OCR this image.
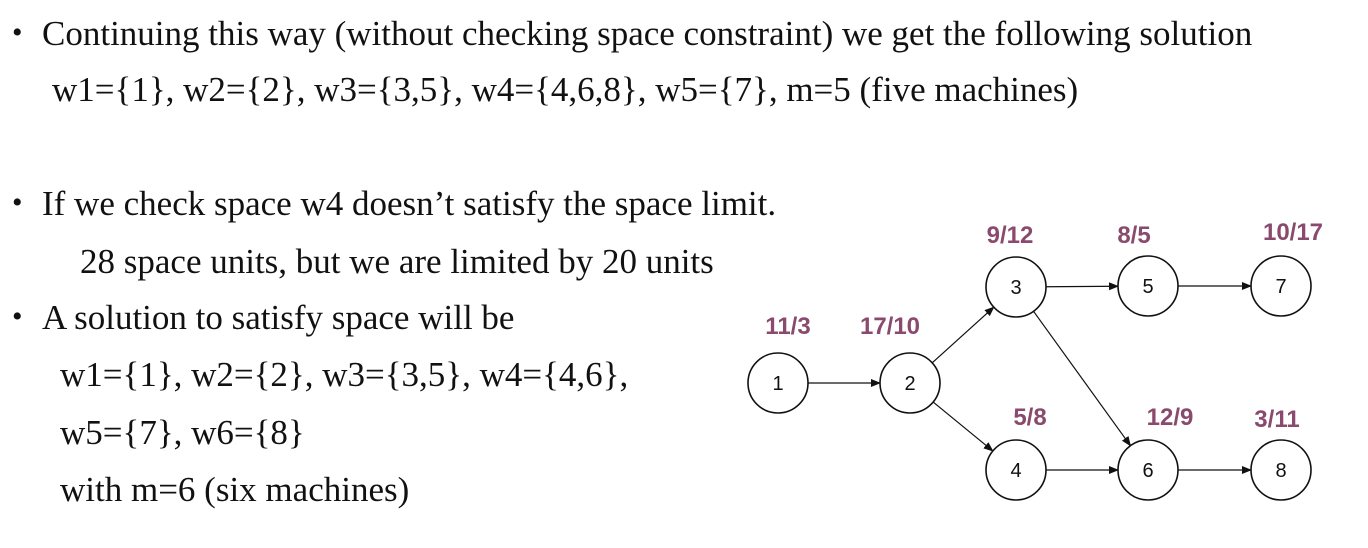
• Continuing this way (without checking space constraint) we get the following solution
w1={1}, w2={2}, w3={3,5}, w4={4,6,8}, w5={7}, m=5 (five machines)
• If we check space w4 doesn’t satisfy the space limit.
28 space units, but we are limited by 20 units
• A solution to satisfy space will be
w1={1}, w2={2}, w3={3,5}, w4={4,6},
w5={7}, w6={8}
with m=6 (six machines)
1	2
3
4
5
6
7
8
11/3 17/10
9/12
5/8
8/5
12/9
10/17
3/11
